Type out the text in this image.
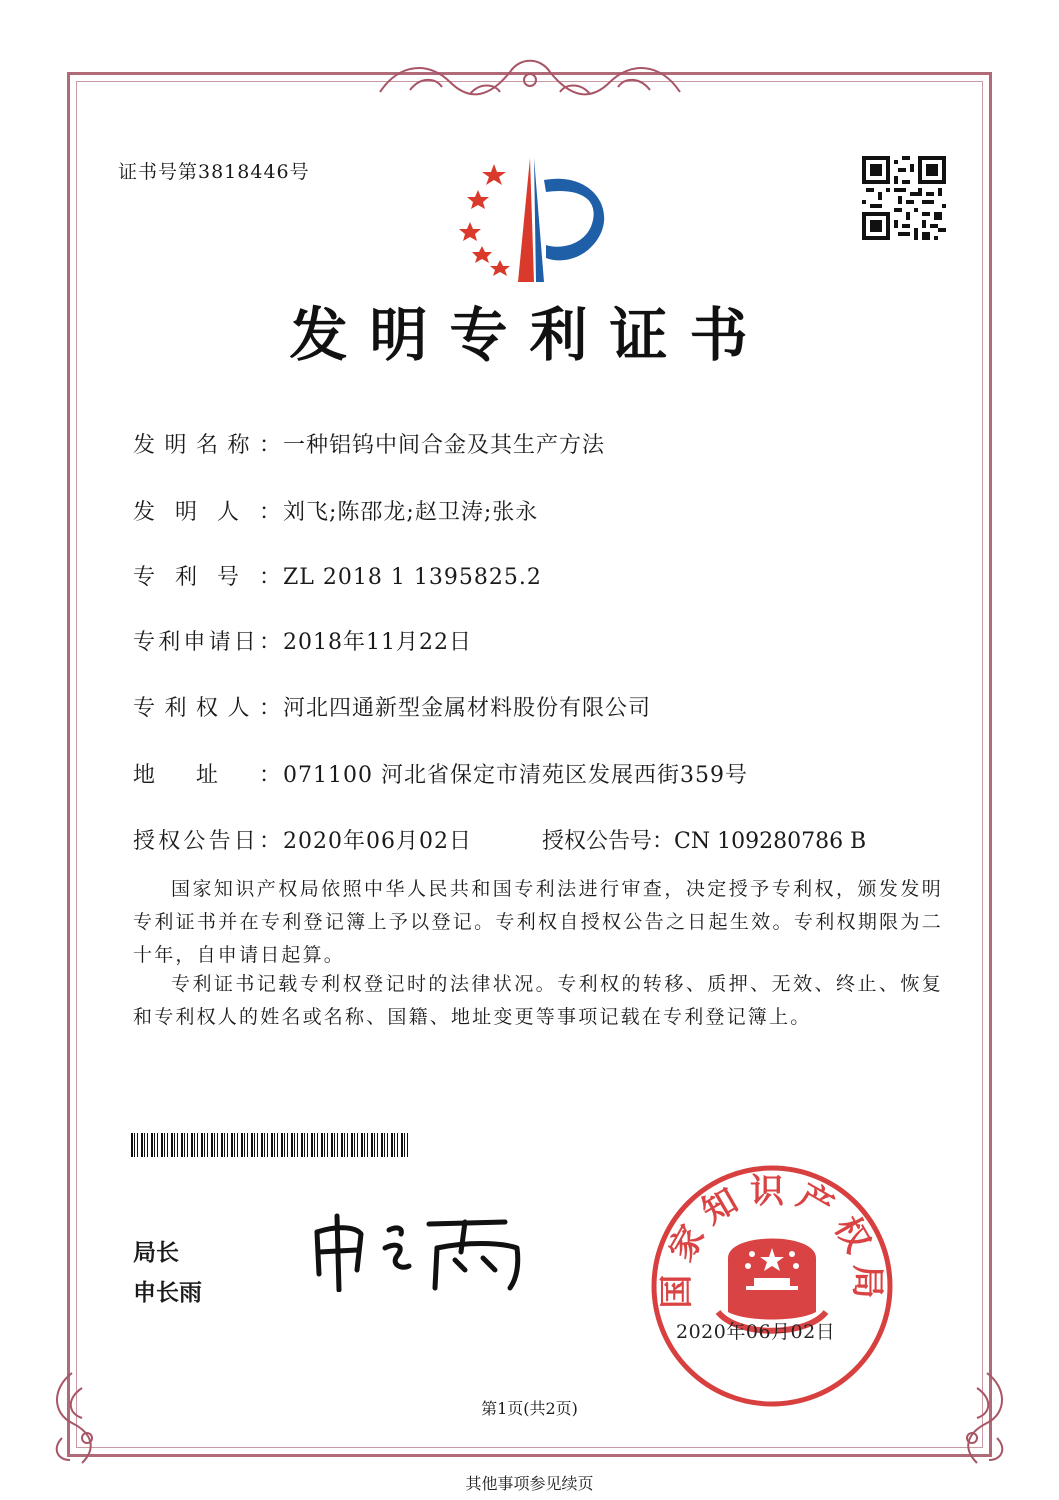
证书号第3818446号
发明专利证书
发明名称：一种铝钨中间合金及其生产方法
发明人：刘飞;陈邵龙;赵卫涛;张永
专利号：ZL 2018 1 1395825.2
专利申请日：2018年11月22日
专利权人：河北四通新型金属材料股份有限公司
地址：071100 河北省保定市清苑区发展西街359号
授权公告日：2020年06月02日	授权公告号：CN 109280786 B
国家知识产权局依照中华人民共和国专利法进行审查，决定授予专利权，颁发发明专利证书并在专利登记簿上予以登记。专利权自授权公告之日起生效。专利权期限为二十年，自申请日起算。
专利证书记载专利权登记时的法律状况。专利权的转移、质押、无效、终止、恢复和专利权人的姓名或名称、国籍、地址变更等事项记载在专利登记簿上。
局长
申长雨	国家知识产权局
2020年06月02日
第1页(共2页)
其他事项参见续页
